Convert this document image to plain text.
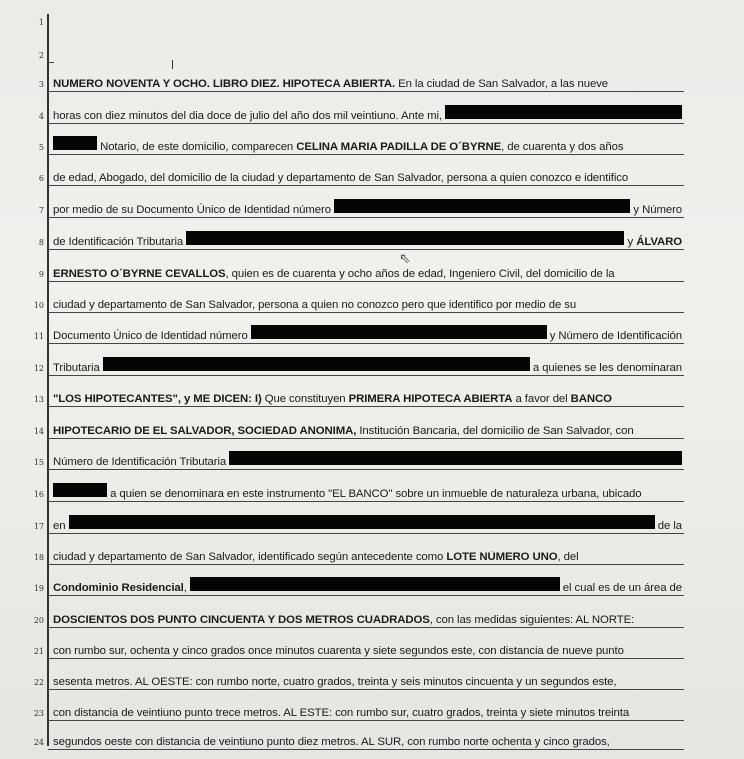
1
2
3 NUMERO NOVENTA Y OCHO. LIBRO DIEZ. HIPOTECA ABIERTA. En la ciudad de San Salvador, a las nueve
4 horas con diez minutos del dia doce de julio del año dos mil veintiuno. Ante mi,
5	Notario, de este domicilio, comparecen CELINA MARIA PADILLA DE O´BYRNE , de cuarenta y dos años
6 de edad, Abogado, del domicilio de la ciudad y departamento de San Salvador, persona a quien conozco e identifico
7 por medio de su Documento Único de Identidad número	y Número
8 de Identificación Tributaria	y ÁLVARO
9 ERNESTO O´BYRNE CEVALLOS , quien es de cuarenta y ocho años de edad, Ingeniero Civil, del domicilio de la
10 ciudad y departamento de San Salvador, persona a quien no conozco pero que identifico por medio de su
11 Documento Único de Identidad número	y Número de Identificación
12 Tributaria	a quienes se les denominaran
13 "LOS HIPOTECANTES", y ME DICEN: I) Que constituyen PRIMERA HIPOTECA ABIERTA a favor del BANCO
14 HIPOTECARIO DE EL SALVADOR, SOCIEDAD ANONIMA, Institución Bancaria, del domicilio de San Salvador, con
15 Número de Identificación Tributaria
16	a quien se denominara en este instrumento "EL BANCO" sobre un inmueble de naturaleza urbana, ubicado
17 en	de la
18 ciudad y departamento de San Salvador, identificado según antecedente como LOTE NÚMERO UNO , del
19 Condominio Residencial ,	el cual es de un área de
20 DOSCIENTOS DOS PUNTO CINCUENTA Y DOS METROS CUADRADOS , con las medidas siguientes: AL NORTE:
21 con rumbo sur, ochenta y cinco grados once minutos cuarenta y siete segundos este, con distancia de nueve punto
22 sesenta metros. AL OESTE: con rumbo norte, cuatro grados, treinta y seis minutos cincuenta y un segundos este,
23 con distancia de veintiuno punto trece metros. AL ESTE: con rumbo sur, cuatro grados, treinta y siete minutos treinta
24 segundos oeste con distancia de veintiuno punto diez metros. AL SUR, con rumbo norte ochenta y cinco grados,
⇖
